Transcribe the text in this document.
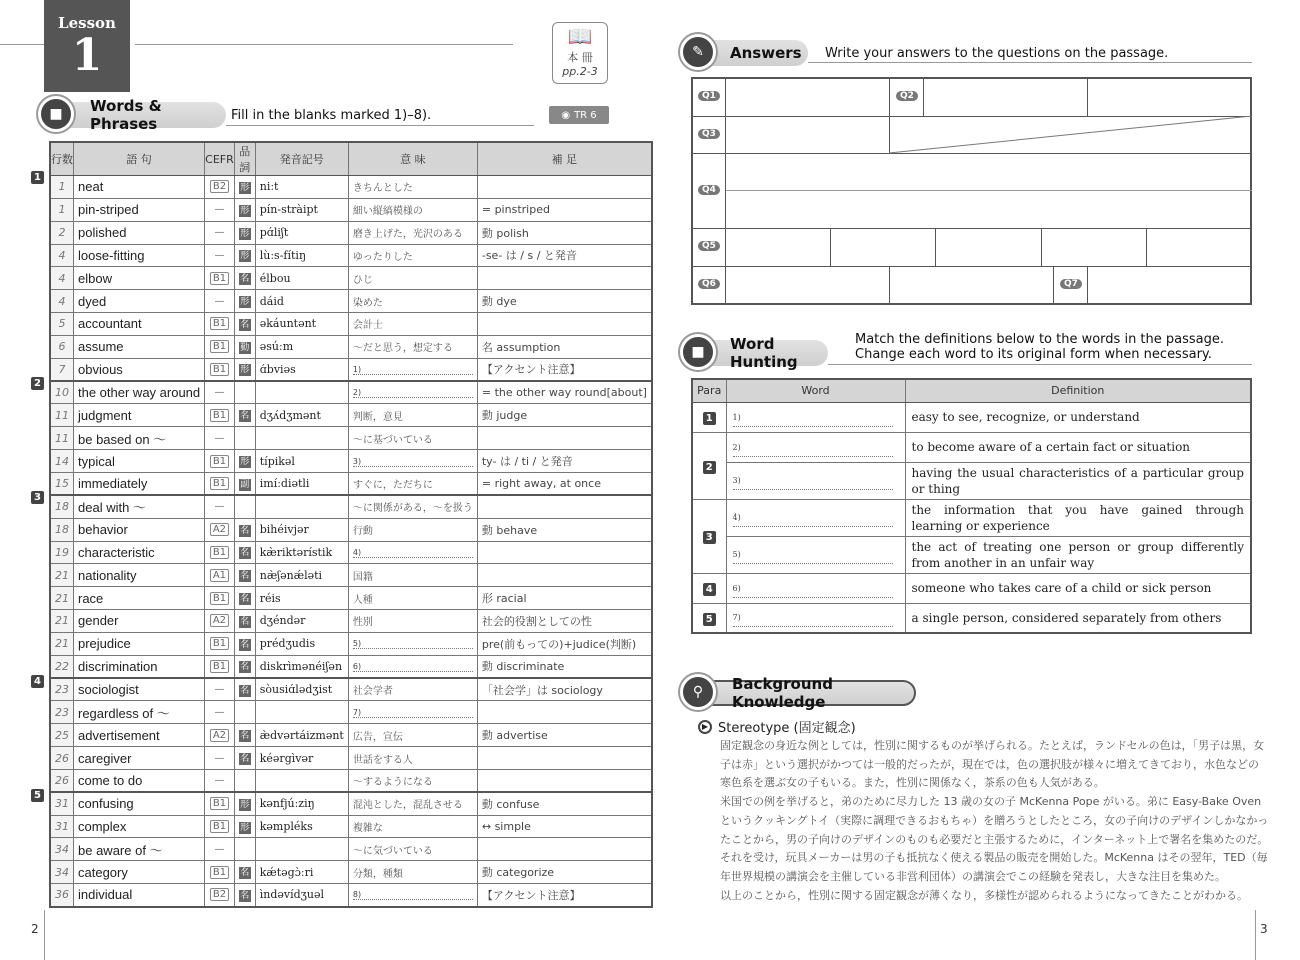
Lesson
1	📖
本 冊
pp.2-3
Words & Phrases
■	Fill in the blanks marked 1)–8).	◉ TR 6
1
2
3
4
5
行数	語 句	CEFR	品詞	発音記号	意 味	補 足
1	neat	B2	形	niːt	きちんとした	
1	pin-striped	—	形	pín-stràipt	細い縦縞模様の	= pinstriped
2	polished	—	形	pɑ́liʃt	磨き上げた，光沢のある	動 polish
4	loose-fitting	—	形	lùːs-fítiŋ	ゆったりした	-se- は / s / と発音
4	elbow	B1	名	élbou	ひじ	
4	dyed	—	形	dáid	染めた	動 dye
5	accountant	B1	名	əkáuntənt	会計士	
6	assume	B1	動	əsúːm	〜だと思う，想定する	名 assumption
7	obvious	B1	形	ɑ́bviəs	1)	【アクセント注意】
10	the other way around	—			2)	= the other way round[about]
11	judgment	B1	名	dʒʌ́dʒmənt	判断，意見	動 judge
11	be based on 〜	—			〜に基づいている	
14	typical	B1	形	típikəl	3)	ty- は / ti / と発音
15	immediately	B1	副	imíːdiətli	すぐに，ただちに	= right away, at once
18	deal with 〜	—			〜に関係がある，〜を扱う	
18	behavior	A2	名	bihéivjər	行動	動 behave
19	characteristic	B1	名	kæ̀riktərístik	4)	
21	nationality	A1	名	næ̀ʃənǽləti	国籍	
21	race	B1	名	réis	人種	形 racial
21	gender	A2	名	dʒéndər	性別	社会的役割としての性
21	prejudice	B1	名	prédʒudis	5)	pre(前もっての)+judice(判断)
22	discrimination	B1	名	diskrìmənéiʃən	6)	動 discriminate
23	sociologist	—	名	sòusiɑ́lədʒist	社会学者	「社会学」は sociology
23	regardless of 〜	—			7)	
25	advertisement	A2	名	æ̀dvərtáizmənt	広告，宣伝	動 advertise
26	caregiver	—	名	kéərgìvər	世話をする人	
26	come to do	—			〜するようになる	
31	confusing	B1	形	kənfjúːziŋ	混沌とした，混乱させる	動 confuse
31	complex	B1	形	kəmpléks	複雑な	↔ simple
34	be aware of 〜	—			〜に気づいている	
34	category	B1	名	kǽtəgɔ̀ːri	分類，種類	動 categorize
36	individual	B2	名	ìndəvídʒuəl	8)	【アクセント注意】
2
Answers
✎	Write your answers to the questions on the passage.
Q1	Q2
Q3
Q4
Q5
Q6	Q7
Word Hunting
■
Match the definitions below to the words in the passage.
Change each word to its original form when necessary.
Para	Word	Definition
1	1)	easy to see, recognize, or understand
2	2)	to become aware of a certain fact or situation
	3)	having the usual characteristics of a particular group or thing
3	4)	the information that you have gained through learning or experience
	5)	the act of treating one person or group differently from another in an unfair way
4	6)	someone who takes care of a child or sick person
5	7)	a single person, considered separately from others
Background Knowledge
⚲
▶ Stereotype (固定観念)
固定観念の身近な例としては，性別に関するものが挙げられる。たとえば，ランドセルの色は，「男子は黒，女
子は赤」という選択がかつては一般的だったが，現在では，色の選択肢が様々に増えてきており，水色などの
寒色系を選ぶ女の子もいる。また，性別に関係なく，茶系の色も人気がある。
米国での例を挙げると，弟のために尽力した 13 歳の女の子 McKenna Pope がいる。弟に Easy-Bake Oven
というクッキングトイ（実際に調理できるおもちゃ）を贈ろうとしたところ，女の子向けのデザインしかなかっ
たことから，男の子向けのデザインのものも必要だと主張するために，インターネット上で署名を集めたのだ。
それを受け，玩具メーカーは男の子も抵抗なく使える製品の販売を開始した。McKenna はその翌年，TED（毎
年世界規模の講演会を主催している非営利団体）の講演会でこの経験を発表し，大きな注目を集めた。
以上のことから，性別に関する固定観念が薄くなり，多様性が認められるようになってきたことがわかる。
3
